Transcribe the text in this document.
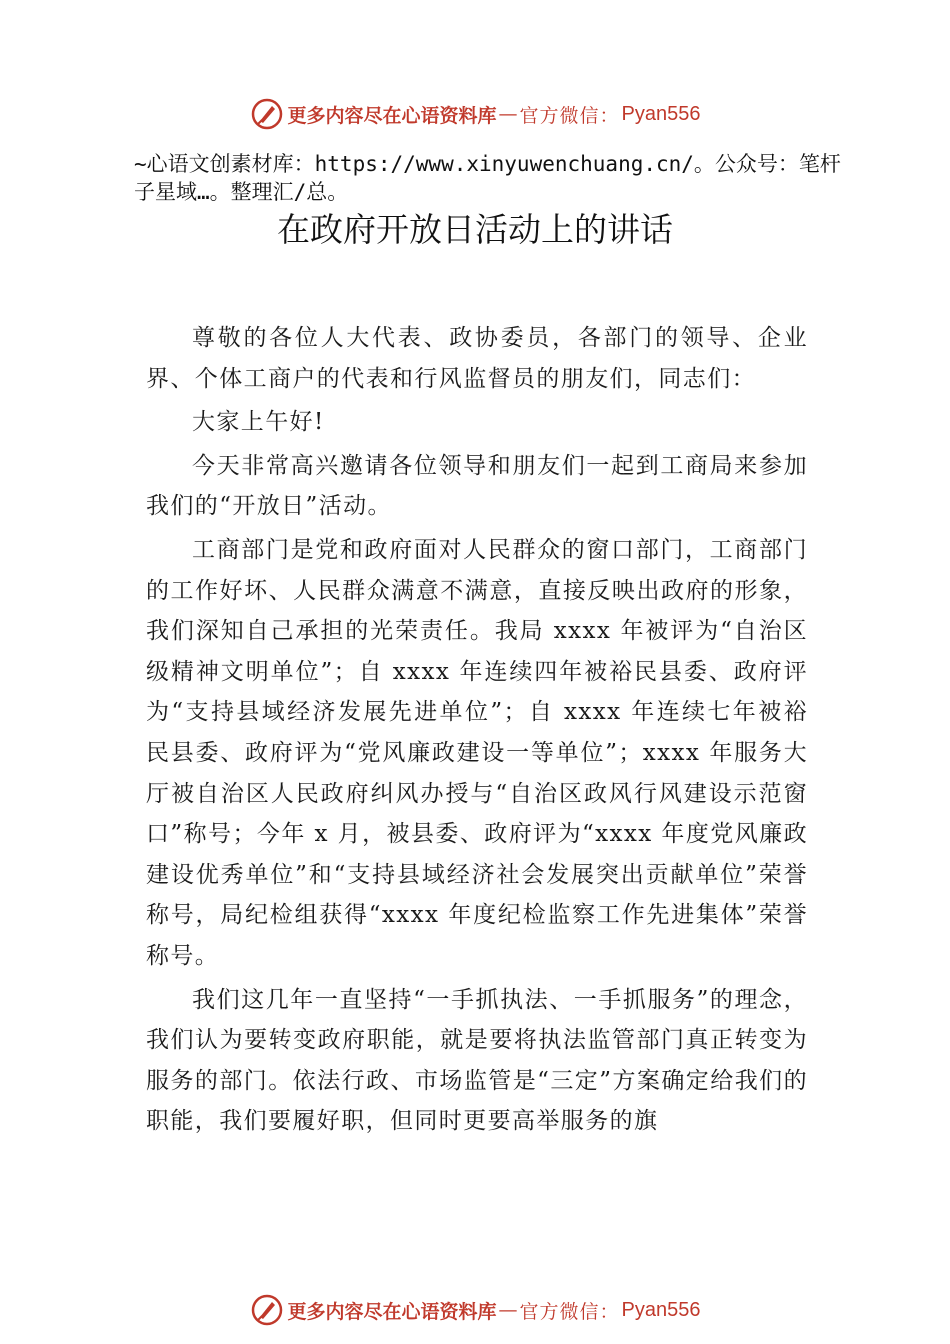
更多内容尽在心语资料库 — 官方微信： Pyan556

~心语文创素材库：https://www.xinyuwenchuang.cn/。公众号：笔杆子星域…。整理汇/总。

在政府开放日活动上的讲话

尊敬的各位人大代表、政协委员，各部门的领导、企业界、个体工商户的代表和行风监督员的朋友们，同志们：

大家上午好!

今天非常高兴邀请各位领导和朋友们一起到工商局来参加我们的“开放日”活动。

工商部门是党和政府面对人民群众的窗口部门，工商部门的工作好坏、人民群众满意不满意，直接反映出政府的形象，我们深知自己承担的光荣责任。我局 xxxx 年被评为“自治区级精神文明单位”；自 xxxx 年连续四年被裕民县委、政府评为“支持县域经济发展先进单位”；自 xxxx 年连续七年被裕民县委、政府评为“党风廉政建设一等单位”；xxxx 年服务大厅被自治区人民政府纠风办授与“自治区政风行风建设示范窗口”称号；今年 x 月，被县委、政府评为“xxxx 年度党风廉政建设优秀单位”和“支持县域经济社会发展突出贡献单位”荣誉称号，局纪检组获得“xxxx 年度纪检监察工作先进集体”荣誉称号。

我们这几年一直坚持“一手抓执法、一手抓服务”的理念，我们认为要转变政府职能，就是要将执法监管部门真正转变为服务的部门。依法行政、市场监管是“三定”方案确定给我们的职能，我们要履好职，但同时更要高举服务的旗

更多内容尽在心语资料库 — 官方微信： Pyan556
